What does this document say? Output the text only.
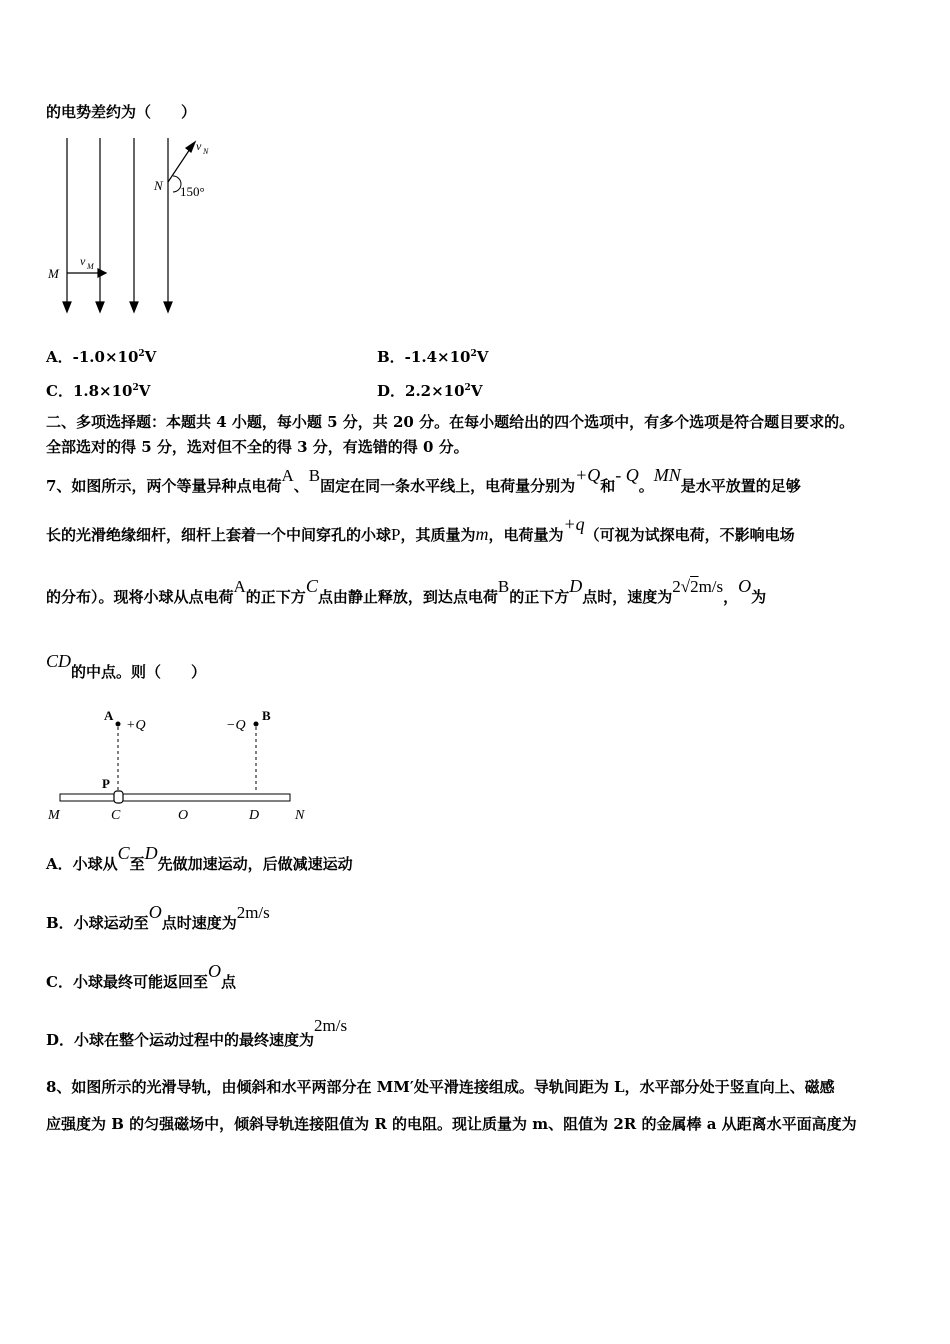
的电势差约为（　　）
N
v N
150°
M
v M
A．$-1.0\times 10^2V$	B．$-1.4\times 10^2V$
C．$1.8\times 10^2V$	D．$2.2\times 10^2V$
二、多项选择题：本题共 4 小题，每小题 5 分，共 20 分。在每小题给出的四个选项中，有多个选项是符合题目要求的。
全部选对的得 5 分，选对但不全的得 3 分，有选错的得 0 分。
7、如图所示，两个等量异种点电荷A、B固定在同一条水平线上，电荷量分别为+Q和- Q。MN是水平放置的足够
长的光滑绝缘细杆，细杆上套着一个中间穿孔的小球P，其质量为m，电荷量为+q（可视为试探电荷，不影响电场
的分布）。现将小球从点电荷A的正下方C点由静止释放，到达点电荷B的正下方D点时，速度为2√2m/s，O为
CD的中点。则（　　）
A
+Q	−Q
B
P
M	C	O	D	N
A．小球从C至D先做加速运动，后做减速运动
B．小球运动至O点时速度为2m/s
C．小球最终可能返回至O点
D．小球在整个运动过程中的最终速度为2m/s
8、如图所示的光滑导轨，由倾斜和水平两部分在 MM′处平滑连接组成。导轨间距为 L，水平部分处于竖直向上、磁感
应强度为 B 的匀强磁场中，倾斜导轨连接阻值为 R 的电阻。现让质量为 m、阻值为 2R 的金属棒 a 从距离水平面高度为
